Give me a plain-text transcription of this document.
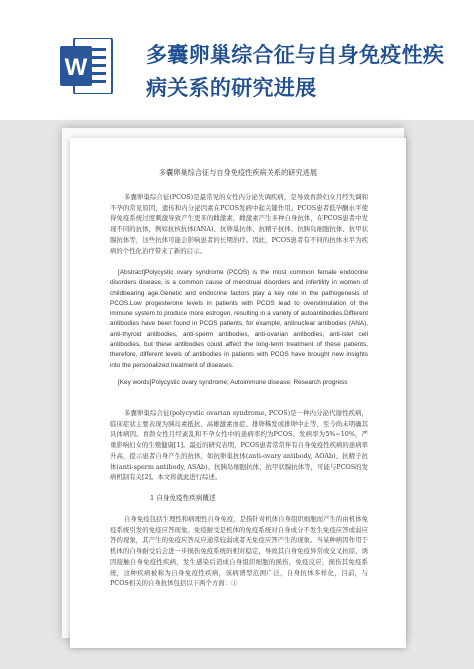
W	多囊卵巢综合征与自身免疫性疾病关系的研究进展
多囊卵巢综合征与自身免疫性疾病关系的研究进展

多囊卵巢综合征(PCOS)是最常见的女性内分泌失调疾病，是导致育龄妇女月经失调和不孕的常见原因，遗传和内分泌因素在PCOS发病中起关键作用。PCOS患者低孕酮水平使得免疫系统过度刺激导致产生更多的雌激素，雌激素产生多种自身抗体，在PCOS患者中发现不同的抗体，例如抗核抗体(ANA)、抗卵巢抗体、抗精子抗体、抗胰岛细胞抗体、抗甲状腺抗体等，这些抗体可能会影响患者的长期治疗。因此，PCOS患者有不同的抗体水平为疾病的个性化治疗带来了新的启示。

[Abstract]Polycystic ovary syndrome (PCOS) is the most common female endocrine disorders disease, is a common cause of menstrual disorders and infertility in women of childbearing age.Genetic and endocrine factors play a key role in the pathogenesis of PCOS.Low progesterone levels in patients with PCOS lead to overstimulation of the immune system to produce more estrogen, resulting in a variety of autoantibodies.Different antibodies have been found in PCOS patients, for example, antinuclear antibodies (ANA), anti-thyroid antibodies, anti-sperm antibodies, anti-ovarian antibodies, anti-islet cell antibodies, but these antibodies could affect the long-term treatment of these patients, therefore, different levels of antibodies in patients with PCOS have brought new insights into the personalized treatment of diseases.

[Key words]Polycystic ovary syndrome; Autoimmune disease; Research progress

多囊卵巢综合征(polycystic ovarian syndrome, PCOS)是一种内分泌代谢性疾病，临床症状主要表现为胰岛素抵抗、高雄激素血症、排卵稀发或排卵中止等，至今尚未明确其具体病因。育龄女性月经紊乱和不孕女性中的患病率约为PCOS。发病率为5%~10%，严重影响妇女的生殖健康[1]。最近的研究表明，PCOS患者常常伴有自身免疫性疾病的患病率升高，提示患者自身产生的抗体，如抗卵巢抗体(anti-ovary antibody, AOAb)、抗精子抗体(anti-sperm antibody, ASAb)、抗胰岛细胞抗体、抗甲状腺抗体等，可能与PCOS的发病机制有关[2]。本文将就此进行综述。

1 自身免疫性疾病概述

自身免疫包括生理性和病理性自身免疫，是指针对机体自身组织细胞而产生的由机体免疫系统引发的免疫应答现象。免疫耐受是机体的免疫系统对自身成分不发生免疫应答或弱应答的现象，其产生的免疫应答反应通常较弱或者无免疫应答产生的现象。当某种病因作用于机体的自身耐受后会进一步损伤免疫系统的相对稳定，导致其自身免疫异常或交叉抗原、诱因接触自身免疫性疾病，发生感染后造成自身组织细胞的损伤，免疫反应，损伤其免疫系统，这种疾病被称为自身免疫性疾病，该病谱型范围广泛，自身抗体多样化，目前，与PCOS相关的自身抗体包括以下两个方面：①
